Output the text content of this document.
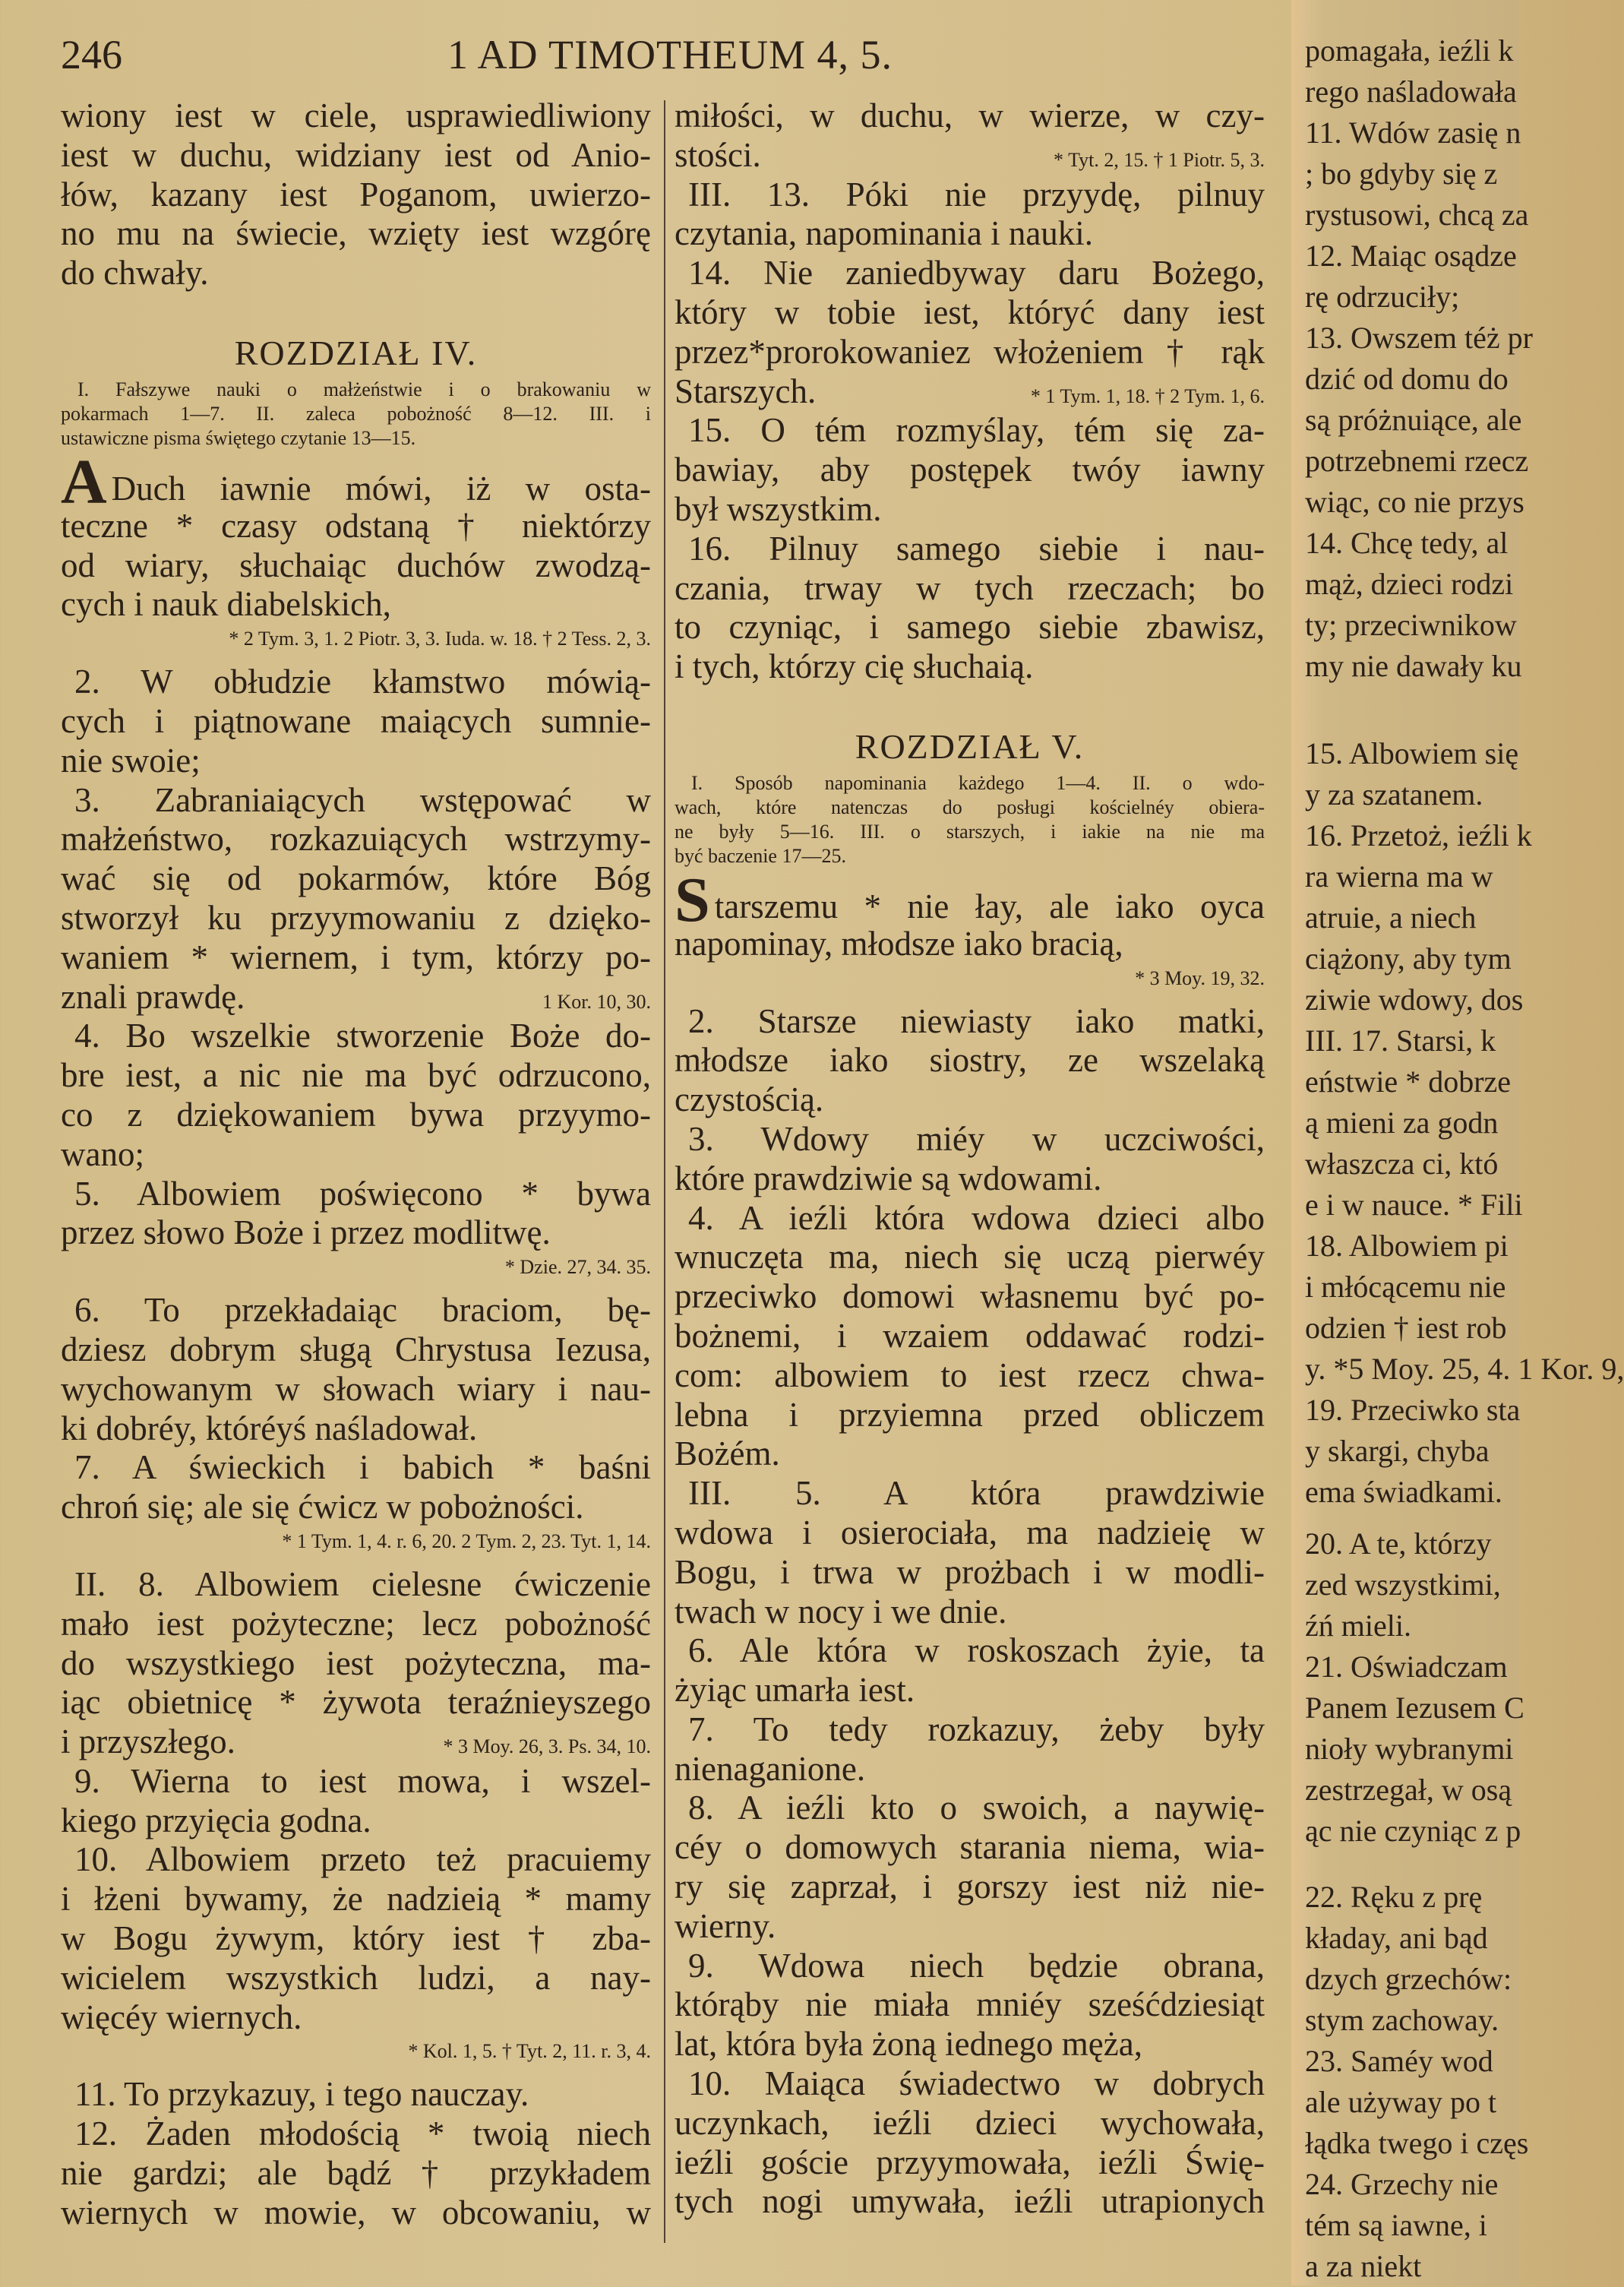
246	1 AD TIMOTHEUM 4, 5.
wiony iest w ciele, usprawiedliwiony
iest w duchu, widziany iest od Anio-
łów, kazany iest Poganom, uwierzo-
no mu na świecie, wzięty iest wzgórę
do chwały.
ROZDZIAŁ IV.
I. Fałszywe nauki o małżeństwie i o brakowaniu w
pokarmach 1—7. II. zaleca pobożność 8—12. III. i
ustawiczne pisma świętego czytanie 13—15.
A Duch iawnie mówi, iż w osta-
teczne * czasy odstaną † niektórzy
od wiary, słuchaiąc duchów zwodzą-
cych i nauk diabelskich,
* 2 Tym. 3, 1. 2 Piotr. 3, 3. Iuda. w. 18. † 2 Tess. 2, 3.
2. W obłudzie kłamstwo mówią-
cych i piątnowane maiących sumnie-
nie swoie;
3. Zabraniaiących wstępować w
małżeństwo, rozkazuiących wstrzymy-
wać się od pokarmów, które Bóg
stworzył ku przyymowaniu z dzięko-
waniem * wiernem, i tym, którzy po-
znali prawdę.	1 Kor. 10, 30.
4. Bo wszelkie stworzenie Boże do-
bre iest, a nic nie ma być odrzucono,
co z dziękowaniem bywa przyymo-
wano;
5. Albowiem poświęcono * bywa
przez słowo Boże i przez modlitwę.
* Dzie. 27, 34. 35.
6. To przekładaiąc braciom, bę-
dziesz dobrym sługą Chrystusa Iezusa,
wychowanym w słowach wiary i nau-
ki dobréy, któréyś naśladował.
7. A świeckich i babich * baśni
chroń się; ale się ćwicz w pobożności.
* 1 Tym. 1, 4. r. 6, 20. 2 Tym. 2, 23. Tyt. 1, 14.
II. 8. Albowiem cielesne ćwiczenie
mało iest pożyteczne; lecz pobożność
do wszystkiego iest pożyteczna, ma-
iąc obietnicę * żywota teraźnieyszego
i przyszłego.	* 3 Moy. 26, 3. Ps. 34, 10.
9. Wierna to iest mowa, i wszel-
kiego przyięcia godna.
10. Albowiem przeto też pracuiemy
i łżeni bywamy, że nadzieią * mamy
w Bogu żywym, który iest † zba-
wicielem wszystkich ludzi, a nay-
więcéy wiernych.
* Kol. 1, 5. † Tyt. 2, 11. r. 3, 4.
11. To przykazuy, i tego nauczay.
12. Żaden młodością * twoią niech
nie gardzi; ale bądź † przykładem
wiernych w mowie, w obcowaniu, w
miłości, w duchu, w wierze, w czy-
stości.	* Tyt. 2, 15. † 1 Piotr. 5, 3.
III. 13. Póki nie przyydę, pilnuy
czytania, napominania i nauki.
14. Nie zaniedbyway daru Bożego,
który w tobie iest, któryć dany iest
przez*prorokowaniez włożeniem † rąk
Starszych.	* 1 Tym. 1, 18. † 2 Tym. 1, 6.
15. O tém rozmyślay, tém się za-
bawiay, aby postępek twóy iawny
był wszystkim.
16. Pilnuy samego siebie i nau-
czania, trway w tych rzeczach; bo
to czyniąc, i samego siebie zbawisz,
i tych, którzy cię słuchaią.
ROZDZIAŁ V.
I. Sposób napominania każdego 1—4. II. o wdo-
wach, które natenczas do posługi kościelnéy obiera-
ne były 5—16. III. o starszych, i iakie na nie ma
być baczenie 17—25.
Starszemu * nie łay, ale iako oyca
napominay, młodsze iako bracią,
* 3 Moy. 19, 32.
2. Starsze niewiasty iako matki,
młodsze iako siostry, ze wszelaką
czystością.
3. Wdowy miéy w uczciwości,
które prawdziwie są wdowami.
4. A ieźli która wdowa dzieci albo
wnuczęta ma, niech się uczą pierwéy
przeciwko domowi własnemu być po-
bożnemi, i wzaiem oddawać rodzi-
com: albowiem to iest rzecz chwa-
lebna i przyiemna przed obliczem
Bożém.
III. 5. A która prawdziwie
wdowa i osierociała, ma nadzieię w
Bogu, i trwa w prożbach i w modli-
twach w nocy i we dnie.
6. Ale która w roskoszach żyie, ta
żyiąc umarła iest.
7. To tedy rozkazuy, żeby były
nienaganione.
8. A ieźli kto o swoich, a naywię-
céy o domowych starania niema, wia-
ry się zaprzał, i gorszy iest niż nie-
wierny.
9. Wdowa niech będzie obrana,
którąby nie miała mniéy sześćdziesiąt
lat, która była żoną iednego męża,
10. Maiąca świadectwo w dobrych
uczynkach, ieźli dzieci wychowała,
ieźli goście przyymowała, ieźli Świę-
tych nogi umywała, ieźli utrapionych
pomagała, ieźli k
rego naśladowała
11. Wdów zasię n
; bo gdyby się z
rystusowi, chcą za
12. Maiąc osądze
rę odrzuciły;
13. Owszem téż pr
dzić od domu do
są próżnuiące, ale
potrzebnemi rzecz
wiąc, co nie przys
14. Chcę tedy, al
mąż, dzieci rodzi
ty; przeciwnikow
my nie dawały ku
15. Albowiem się
y za szatanem.
16. Przetoż, ieźli k
ra wierna ma w
atruie, a niech
ciążony, aby tym
ziwie wdowy, dos
III. 17. Starsi, k
eństwie * dobrze
ą mieni za godn
właszcza ci, któ
e i w nauce. * Fili
18. Albowiem pi
i młócącemu nie
odzien † iest rob
y. *5 Moy. 25, 4. 1 Kor. 9,
19. Przeciwko sta
y skargi, chyba
ema świadkami.
20. A te, którzy
zed wszystkimi,
źń mieli.
21. Oświadczam
Panem Iezusem C
nioły wybranymi
zestrzegał, w osą
ąc nie czyniąc z p
22. Ręku z prę
kładay, ani bąd
dzych grzechów:
stym zachoway.
23. Saméy wod
ale używay po t
łądka twego i częs
24. Grzechy nie
tém są iawne, i
a za niekt
